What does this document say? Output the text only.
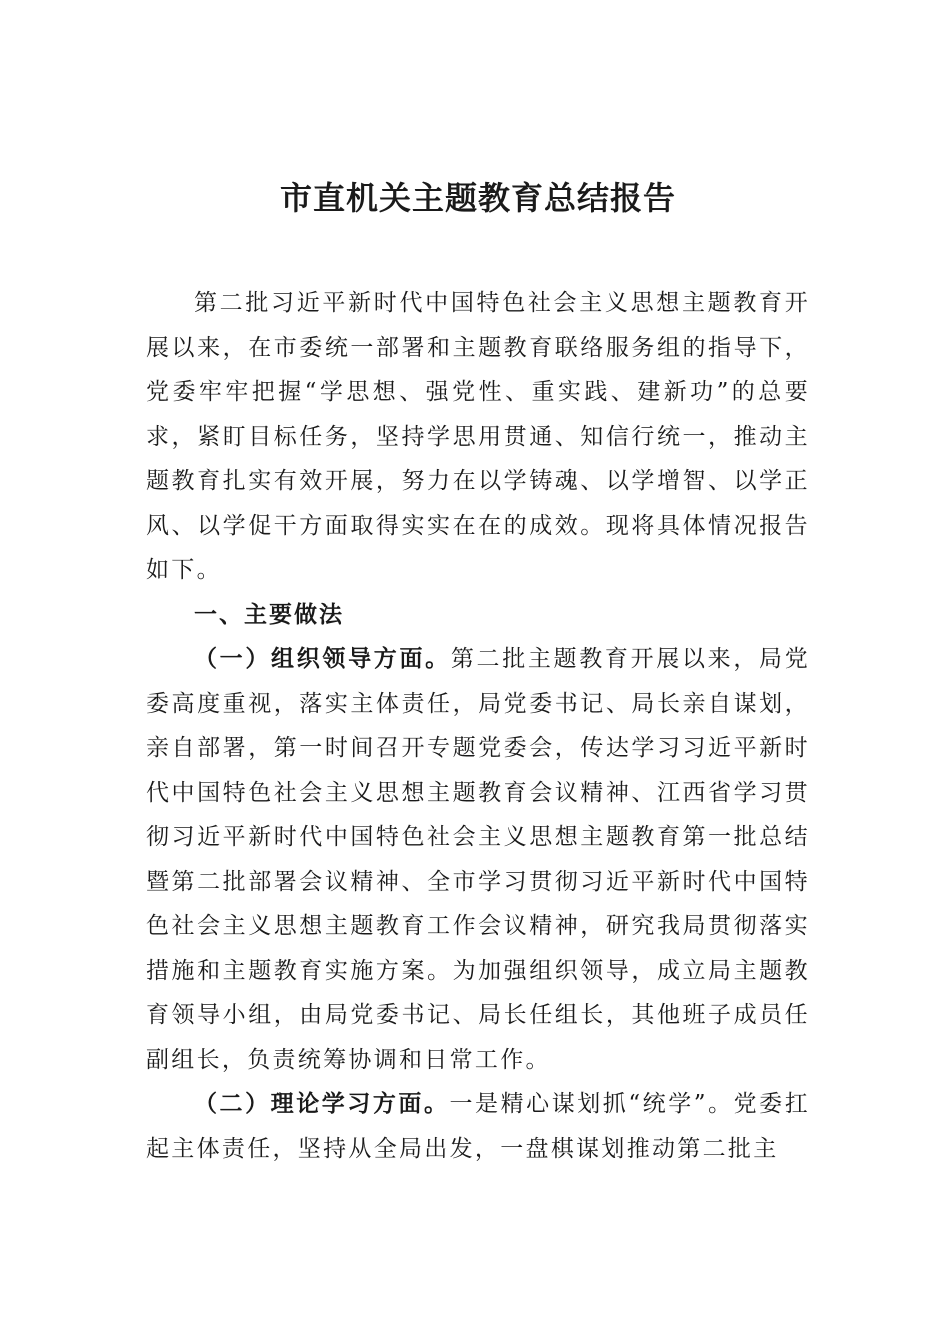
市直机关主题教育总结报告

第二批习近平新时代中国特色社会主义思想主题教育开展以来，在市委统一部署和主题教育联络服务组的指导下，党委牢牢把握“学思想、强党性、重实践、建新功”的总要求，紧盯目标任务，坚持学思用贯通、知信行统一，推动主题教育扎实有效开展，努力在以学铸魂、以学增智、以学正风、以学促干方面取得实实在在的成效。现将具体情况报告如下。

一、主要做法

（一）组织领导方面。第二批主题教育开展以来，局党委高度重视，落实主体责任，局党委书记、局长亲自谋划，亲自部署，第一时间召开专题党委会，传达学习习近平新时代中国特色社会主义思想主题教育会议精神、江西省学习贯彻习近平新时代中国特色社会主义思想主题教育第一批总结暨第二批部署会议精神、全市学习贯彻习近平新时代中国特色社会主义思想主题教育工作会议精神，研究我局贯彻落实措施和主题教育实施方案。为加强组织领导，成立局主题教育领导小组，由局党委书记、局长任组长，其他班子成员任副组长，负责统筹协调和日常工作。

（二）理论学习方面。一是精心谋划抓“统学”。党委扛起主体责任，坚持从全局出发，一盘棋谋划推动第二批主
